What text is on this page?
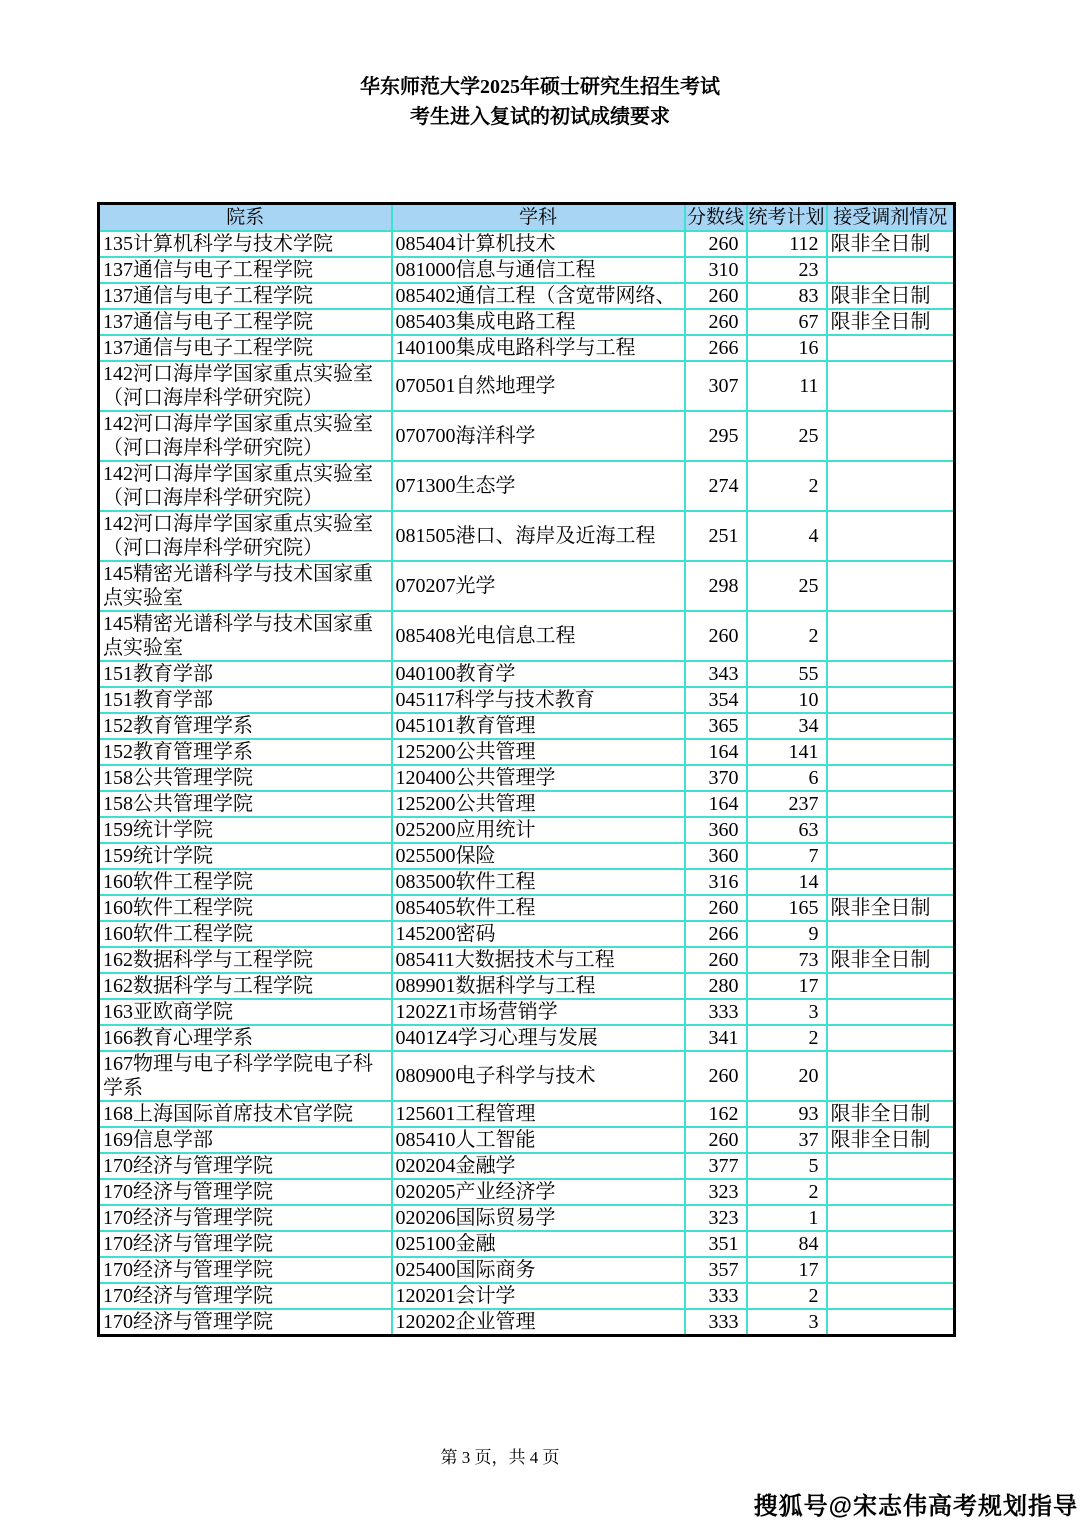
华东师范大学2025年硕士研究生招生考试
考生进入复试的初试成绩要求
院系	学科	分数线	统考计划	接受调剂情况
135计算机科学与技术学院	085404计算机技术	260	112	限非全日制
137通信与电子工程学院	081000信息与通信工程	310	23	
137通信与电子工程学院	085402通信工程（含宽带网络、	260	83	限非全日制
137通信与电子工程学院	085403集成电路工程	260	67	限非全日制
137通信与电子工程学院	140100集成电路科学与工程	266	16	
142河口海岸学国家重点实验室（河口海岸科学研究院）	070501自然地理学	307	11	
142河口海岸学国家重点实验室（河口海岸科学研究院）	070700海洋科学	295	25	
142河口海岸学国家重点实验室（河口海岸科学研究院）	071300生态学	274	2	
142河口海岸学国家重点实验室（河口海岸科学研究院）	081505港口、海岸及近海工程	251	4	
145精密光谱科学与技术国家重点实验室	070207光学	298	25	
145精密光谱科学与技术国家重点实验室	085408光电信息工程	260	2	
151教育学部	040100教育学	343	55	
151教育学部	045117科学与技术教育	354	10	
152教育管理学系	045101教育管理	365	34	
152教育管理学系	125200公共管理	164	141	
158公共管理学院	120400公共管理学	370	6	
158公共管理学院	125200公共管理	164	237	
159统计学院	025200应用统计	360	63	
159统计学院	025500保险	360	7	
160软件工程学院	083500软件工程	316	14	
160软件工程学院	085405软件工程	260	165	限非全日制
160软件工程学院	145200密码	266	9	
162数据科学与工程学院	085411大数据技术与工程	260	73	限非全日制
162数据科学与工程学院	089901数据科学与工程	280	17	
163亚欧商学院	1202Z1市场营销学	333	3	
166教育心理学系	0401Z4学习心理与发展	341	2	
167物理与电子科学学院电子科学系	080900电子科学与技术	260	20	
168上海国际首席技术官学院	125601工程管理	162	93	限非全日制
169信息学部	085410人工智能	260	37	限非全日制
170经济与管理学院	020204金融学	377	5	
170经济与管理学院	020205产业经济学	323	2	
170经济与管理学院	020206国际贸易学	323	1	
170经济与管理学院	025100金融	351	84	
170经济与管理学院	025400国际商务	357	17	
170经济与管理学院	120201会计学	333	2	
170经济与管理学院	120202企业管理	333	3	
第 3 页，共 4 页
搜狐号@宋志伟高考规划指导
